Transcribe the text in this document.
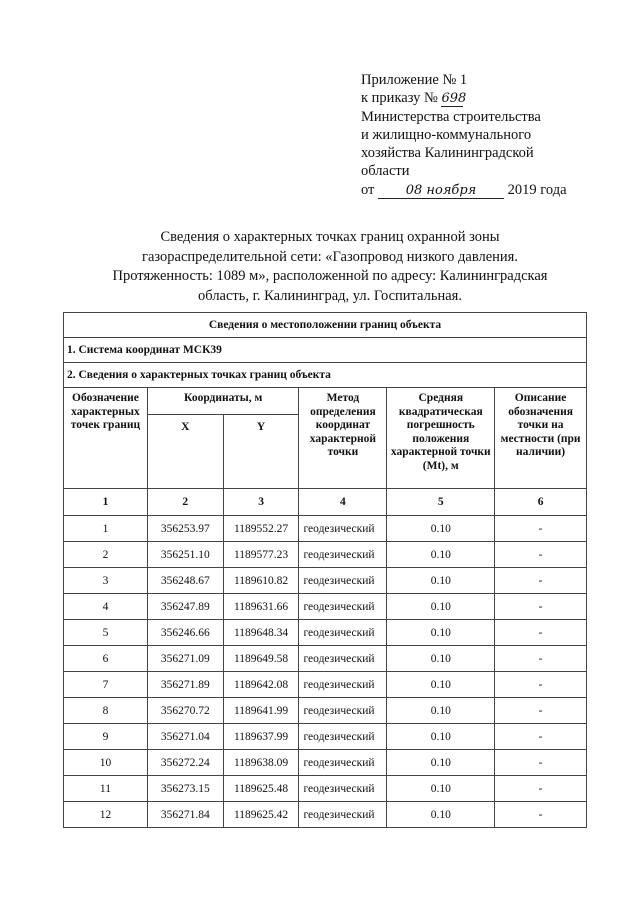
Приложение № 1
к приказу № 698
Министерства строительства
и жилищно-коммунального
хозяйства Калининградской
области
от 08 ноября 2019 года
Сведения о характерных точках границ охранной зоны
газораспределительной сети: «Газопровод низкого давления.
Протяженность: 1089 м», расположенной по адресу: Калининградская
область, г. Калининград, ул. Госпитальная.
Сведения о местоположении границ объекта					
1. Система координат МСК39					
2. Сведения о характерных точках границ объекта					
Обозначение характерных точек границ	Координаты, м		Метод определения координат характерной точки	Средняя квадратическая погрешность положения характерной точки (Mt), м	Описание обозначения точки на местности (при наличии)
	X	Y			
1	2	3	4	5	6
1	356253.97	1189552.27	геодезический	0.10	-
2	356251.10	1189577.23	геодезический	0.10	-
3	356248.67	1189610.82	геодезический	0.10	-
4	356247.89	1189631.66	геодезический	0.10	-
5	356246.66	1189648.34	геодезический	0.10	-
6	356271.09	1189649.58	геодезический	0.10	-
7	356271.89	1189642.08	геодезический	0.10	-
8	356270.72	1189641.99	геодезический	0.10	-
9	356271.04	1189637.99	геодезический	0.10	-
10	356272.24	1189638.09	геодезический	0.10	-
11	356273.15	1189625.48	геодезический	0.10	-
12	356271.84	1189625.42	геодезический	0.10	-
